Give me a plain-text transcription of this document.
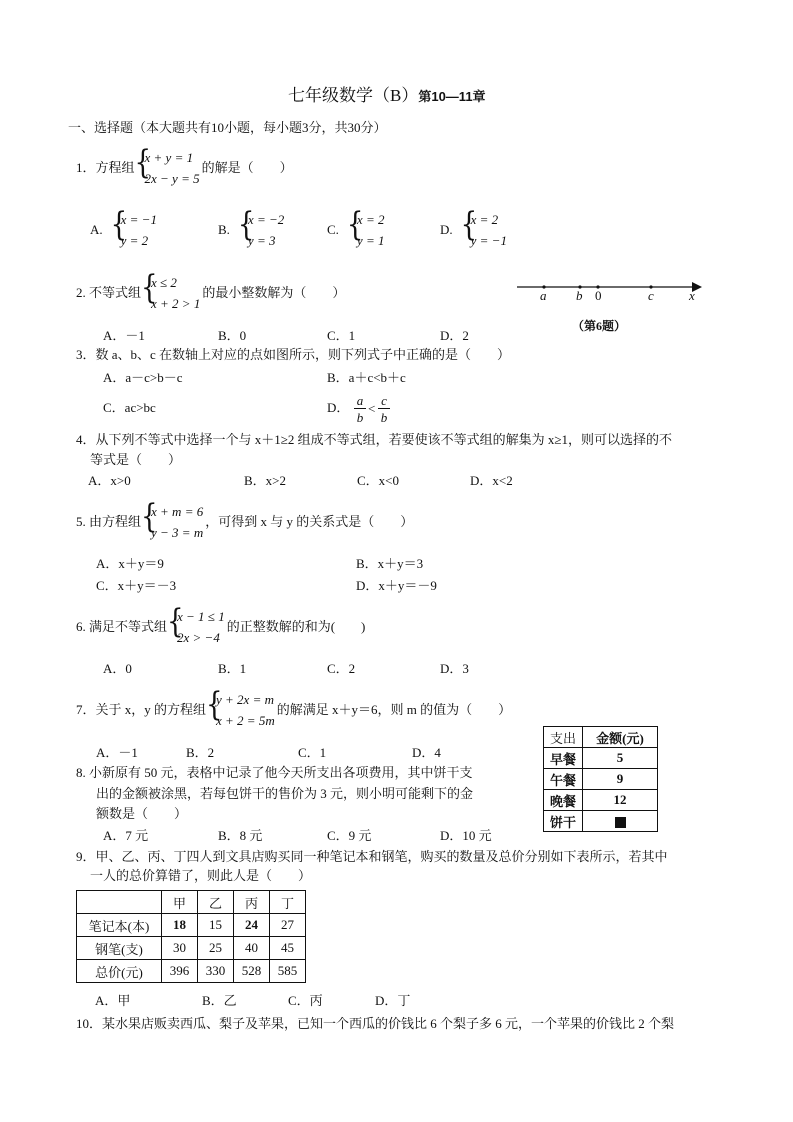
七年级数学（B）第10—11章
一、选择题（本大题共有10小题，每小题3分，共30分）
1．方程组 {
x + y = 1
2x − y = 5
的解是（　　）
A. {
x = −1
y = 2
B. {
x = −2
y = 3
C. {
x = 2
y = 1
D. {
x = 2
y = −1
2. 不等式组 {
x ≤ 2
x + 2 > 1
的最小整数解为（　　）
A．－1	B．0	C．1	D．2
a b 0	c	x
（第6题）
3．数 a、b、c 在数轴上对应的点如图所示，则下列式子中正确的是（　　）
A．a－c>b－c	B．a＋c<b＋c
C．ac>bc	D． $\frac{a}{b} < \frac{c}{b}$
4．从下列不等式中选择一个与 x＋1≥2 组成不等式组，若要使该不等式组的解集为 x≥1，则可以选择的不
等式是（　　）
A．x>0	B．x>2	C．x<0	D．x<2
5. 由方程组 {
x + m = 6
y − 3 = m
，可得到 x 与 y 的关系式是（　　）
A．x＋y＝9	B．x＋y＝3
C．x＋y＝－3	D．x＋y＝－9
6. 满足不等式组 {
x − 1 ≤ 1
2x > −4
的正整数解的和为(　　)
A．0	B．1	C．2	D．3
7．关于 x，y 的方程组 {
y + 2x = m
x + 2 = 5m
的解满足 x＋y＝6，则 m 的值为（　　）
A．－1	B．2	C．1	D．4
8. 小新原有 50 元，表格中记录了他今天所支出各项费用，其中饼干支
出的金额被涂黑，若每包饼干的售价为 3 元，则小明可能剩下的金
额数是（　　）
A．7 元	B．8 元	C．9 元	D．10 元
支出	金额(元)
早餐	5
午餐	9
晚餐	12
饼干	
9．甲、乙、丙、丁四人到文具店购买同一种笔记本和钢笔，购买的数量及总价分别如下表所示，若其中
一人的总价算错了，则此人是（　　）
	甲	乙	丙	丁
笔记本(本)	18	15	24	27
钢笔(支)	30	25	40	45
总价(元)	396	330	528	585
A．甲	B．乙	C．丙	D．丁
10．某水果店贩卖西瓜、梨子及苹果，已知一个西瓜的价钱比 6 个梨子多 6 元，一个苹果的价钱比 2 个梨
